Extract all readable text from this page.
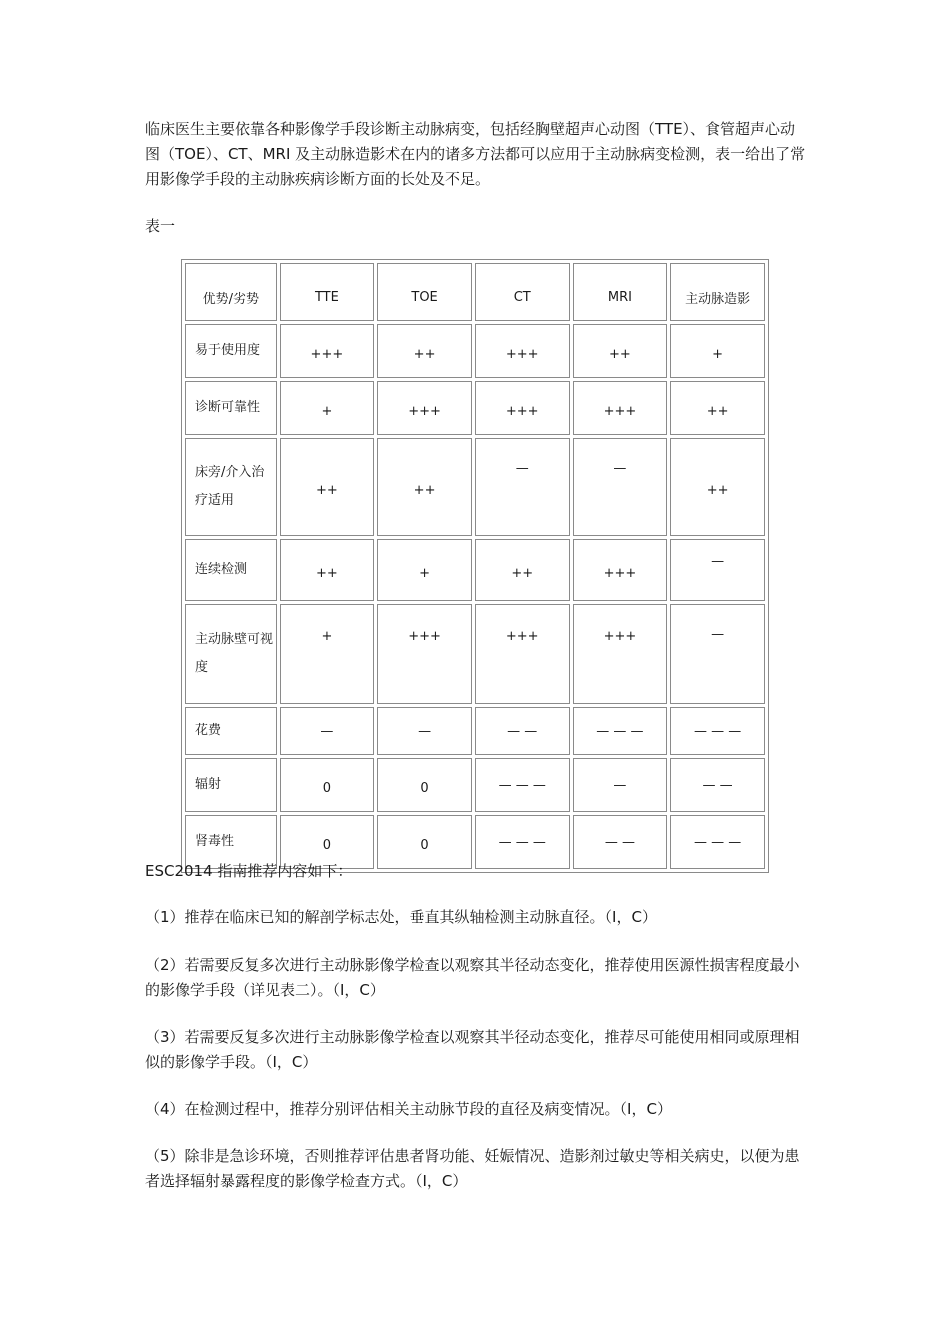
临床医生主要依靠各种影像学手段诊断主动脉病变，包括经胸壁超声心动图（TTE）、食管超声心动图（TOE）、CT、MRI 及主动脉造影术在内的诸多方法都可以应用于主动脉病变检测，表一给出了常用影像学手段的主动脉疾病诊断方面的长处及不足。

表一

优势/劣势	TTE	TOE	CT	MRI	主动脉造影
易于使用度	+++	++	+++	++	+
诊断可靠性	+	+++	+++	+++	++
床旁/介入治疗适用	++	++	—	—	++
连续检测	++	+	++	+++	—
主动脉壁可视度	+	+++	+++	+++	—
花费	—	—	— —	— — —	— — —
辐射	0	0	— — —	—	— —
肾毒性	0	0	— — —	— —	— — —

ESC2014 指南推荐内容如下：

（1）推荐在临床已知的解剖学标志处，垂直其纵轴检测主动脉直径。（Ⅰ，C）

（2）若需要反复多次进行主动脉影像学检查以观察其半径动态变化，推荐使用医源性损害程度最小的影像学手段（详见表二）。（Ⅰ，C）

（3）若需要反复多次进行主动脉影像学检查以观察其半径动态变化，推荐尽可能使用相同或原理相似的影像学手段。（Ⅰ，C）

（4）在检测过程中，推荐分别评估相关主动脉节段的直径及病变情况。（Ⅰ，C）

（5）除非是急诊环境，否则推荐评估患者肾功能、妊娠情况、造影剂过敏史等相关病史，以便为患者选择辐射暴露程度的影像学检查方式。（Ⅰ，C）
